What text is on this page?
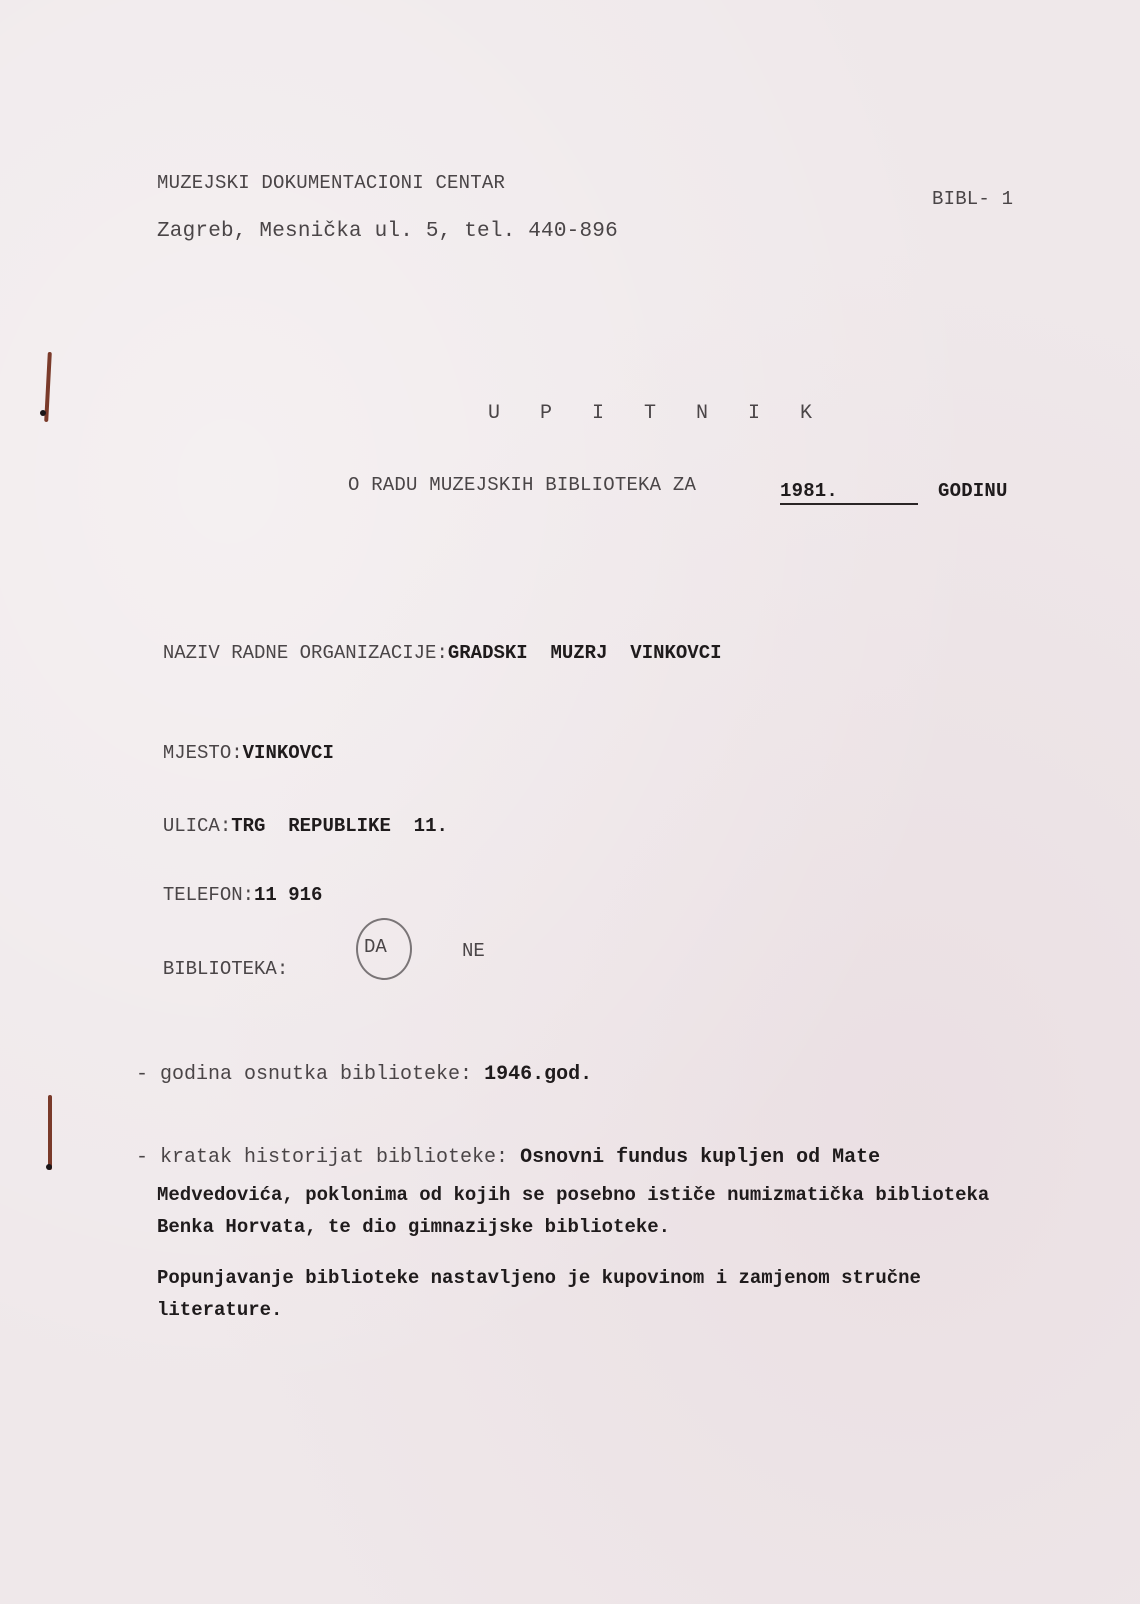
MUZEJSKI DOKUMENTACIONI CENTAR
Zagreb, Mesnička ul. 5, tel. 440-896
BIBL- 1
U P I T N I K
O RADU MUZEJSKIH BIBLIOTEKA ZA	1981.	GODINU

NAZIV RADNE ORGANIZACIJE:GRADSKI  MUZRJ  VINKOVCI

MJESTO:VINKOVCI

ULICA:TRG  REPUBLIKE  11.

TELEFON:11 916

BIBLIOTEKA:

DA	NE
- godina osnutka biblioteke: 1946.god.
- kratak historijat biblioteke: Osnovni fundus kupljen od Mate
Medvedovića, poklonima od kojih se posebno ističe numizmatička biblioteka Benka Horvata, te dio gimnazijske biblioteke.
Popunjavanje biblioteke nastavljeno je kupovinom i zamjenom stručne literature.
